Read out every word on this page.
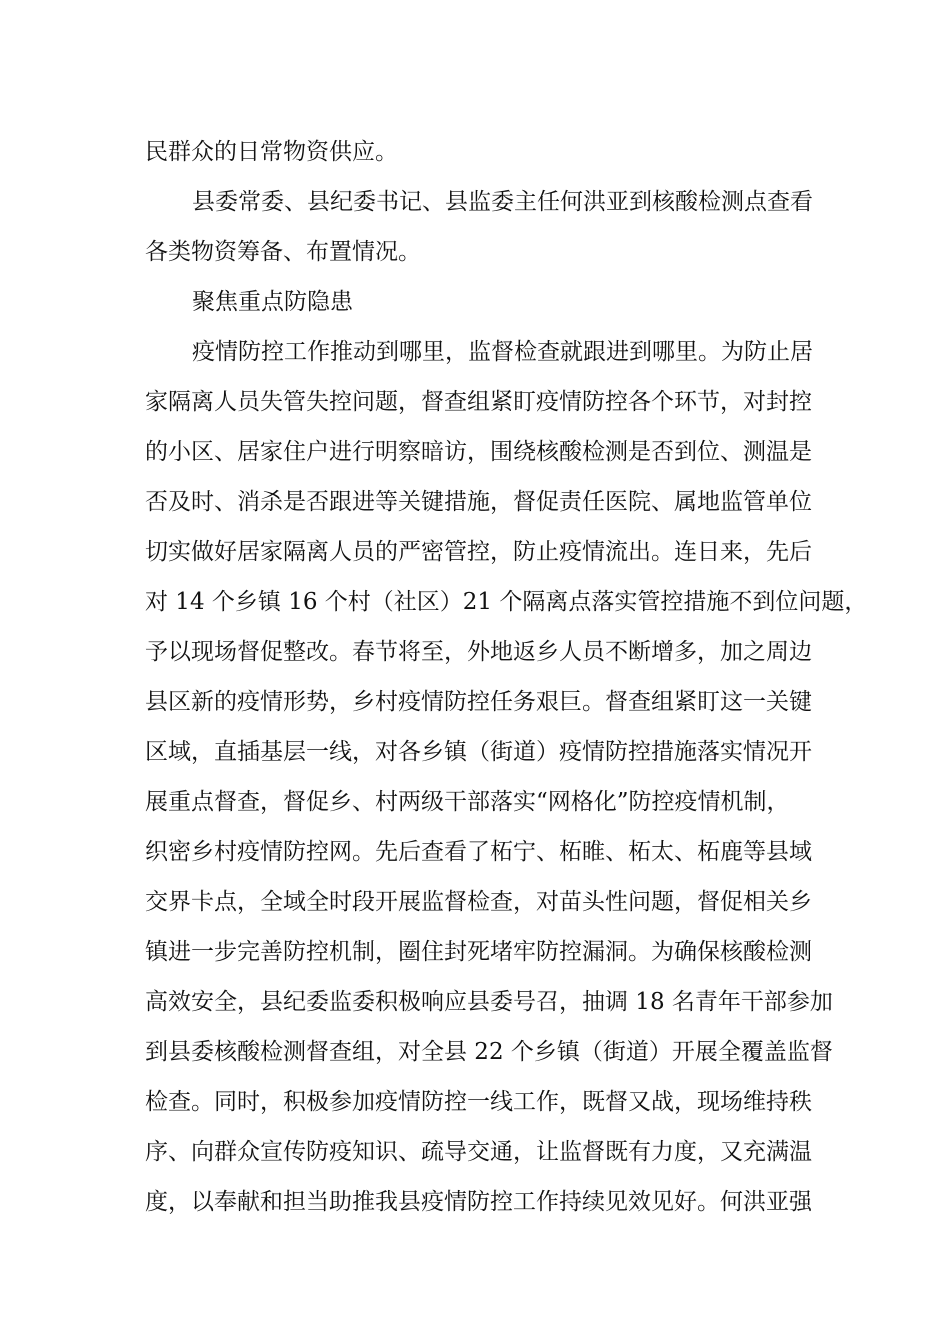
民群众的日常物资供应。
县委常委、县纪委书记、县监委主任何洪亚到核酸检测点查看
各类物资筹备、布置情况。
聚焦重点防隐患
疫情防控工作推动到哪里，监督检查就跟进到哪里。为防止居
家隔离人员失管失控问题，督查组紧盯疫情防控各个环节，对封控
的小区、居家住户进行明察暗访，围绕核酸检测是否到位、测温是
否及时、消杀是否跟进等关键措施，督促责任医院、属地监管单位
切实做好居家隔离人员的严密管控，防止疫情流出。连日来，先后
对 14 个乡镇 16 个村（社区）21 个隔离点落实管控措施不到位问题，
予以现场督促整改。春节将至，外地返乡人员不断增多，加之周边
县区新的疫情形势，乡村疫情防控任务艰巨。督查组紧盯这一关键
区域，直插基层一线，对各乡镇（街道）疫情防控措施落实情况开
展重点督查，督促乡、村两级干部落实“网格化”防控疫情机制，
织密乡村疫情防控网。先后查看了柘宁、柘睢、柘太、柘鹿等县域
交界卡点，全域全时段开展监督检查，对苗头性问题，督促相关乡
镇进一步完善防控机制，圈住封死堵牢防控漏洞。为确保核酸检测
高效安全，县纪委监委积极响应县委号召，抽调 18 名青年干部参加
到县委核酸检测督查组，对全县 22 个乡镇（街道）开展全覆盖监督
检查。同时，积极参加疫情防控一线工作，既督又战，现场维持秩
序、向群众宣传防疫知识、疏导交通，让监督既有力度，又充满温
度，以奉献和担当助推我县疫情防控工作持续见效见好。何洪亚强
